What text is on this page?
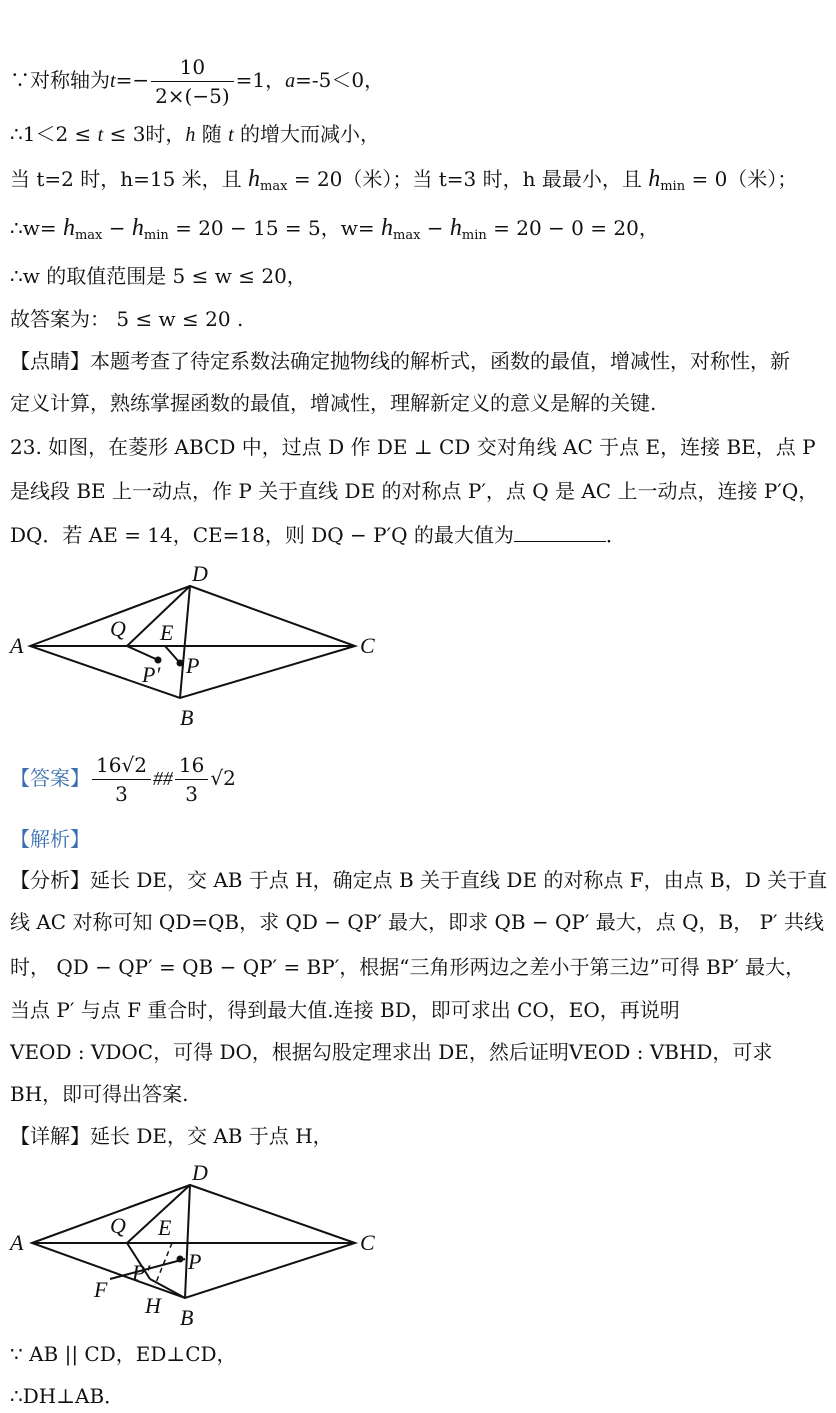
∵对称轴为$t=- \frac{10}{2\times(-5)} =1$，a=-5＜0，
∴1＜2 ≤ t ≤ 3时，h 随 t 的增大而减小，
当 t=2 时，h=15 米，且 $h_{max} = 20$（米）；当 t=3 时，h 最最小，且 $h_{min} = 0$（米）；
∴w= $h_{max} - h_{min} = 20 - 15 = 5$，$w= h_{max} - h_{min} = 20 - 0 = 20$，
∴w 的取值范围是 5 ≤ w ≤ 20，
故答案为： 5 ≤ w ≤ 20 .
【点睛】本题考查了待定系数法确定抛物线的解析式，函数的最值，增减性，对称性，新
定义计算，熟练掌握函数的最值，增减性，理解新定义的意义是解的关键.
23. 如图，在菱形 ABCD 中，过点 D 作 DE ⊥ CD 交对角线 AC 于点 E，连接 BE，点 P
是线段 BE 上一动点，作 P 关于直线 DE 的对称点 P′，点 Q 是 AC 上一动点，连接 P′Q，
DQ．若 AE = 14，CE=18，则 DQ − P′Q 的最大值为	．
D
A	C
B
Q E
P
P′
【答案】 $\frac{16√2}{3}$ ## $\frac{16}{3} √2$
【解析】
【分析】延长 DE，交 AB 于点 H，确定点 B 关于直线 DE 的对称点 F，由点 B，D 关于直
线 AC 对称可知 QD=QB，求 QD − QP′ 最大，即求 QB − QP′ 最大，点 Q，B， P′ 共线
时， QD − QP′ = QB − QP′ = BP′，根据“三角形两边之差小于第三边”可得 BP′ 最大，
当点 P′ 与点 F 重合时，得到最大值.连接 BD，即可求出 CO，EO，再说明
VEOD : VDOC，可得 DO，根据勾股定理求出 DE，然后证明VEOD : VBHD，可求
BH，即可得出答案.
【详解】延长 DE，交 AB 于点 H，
D
A	C
B
Q E
P
P′
F
H
∵ AB || CD，ED⊥CD，
∴DH⊥AB．
